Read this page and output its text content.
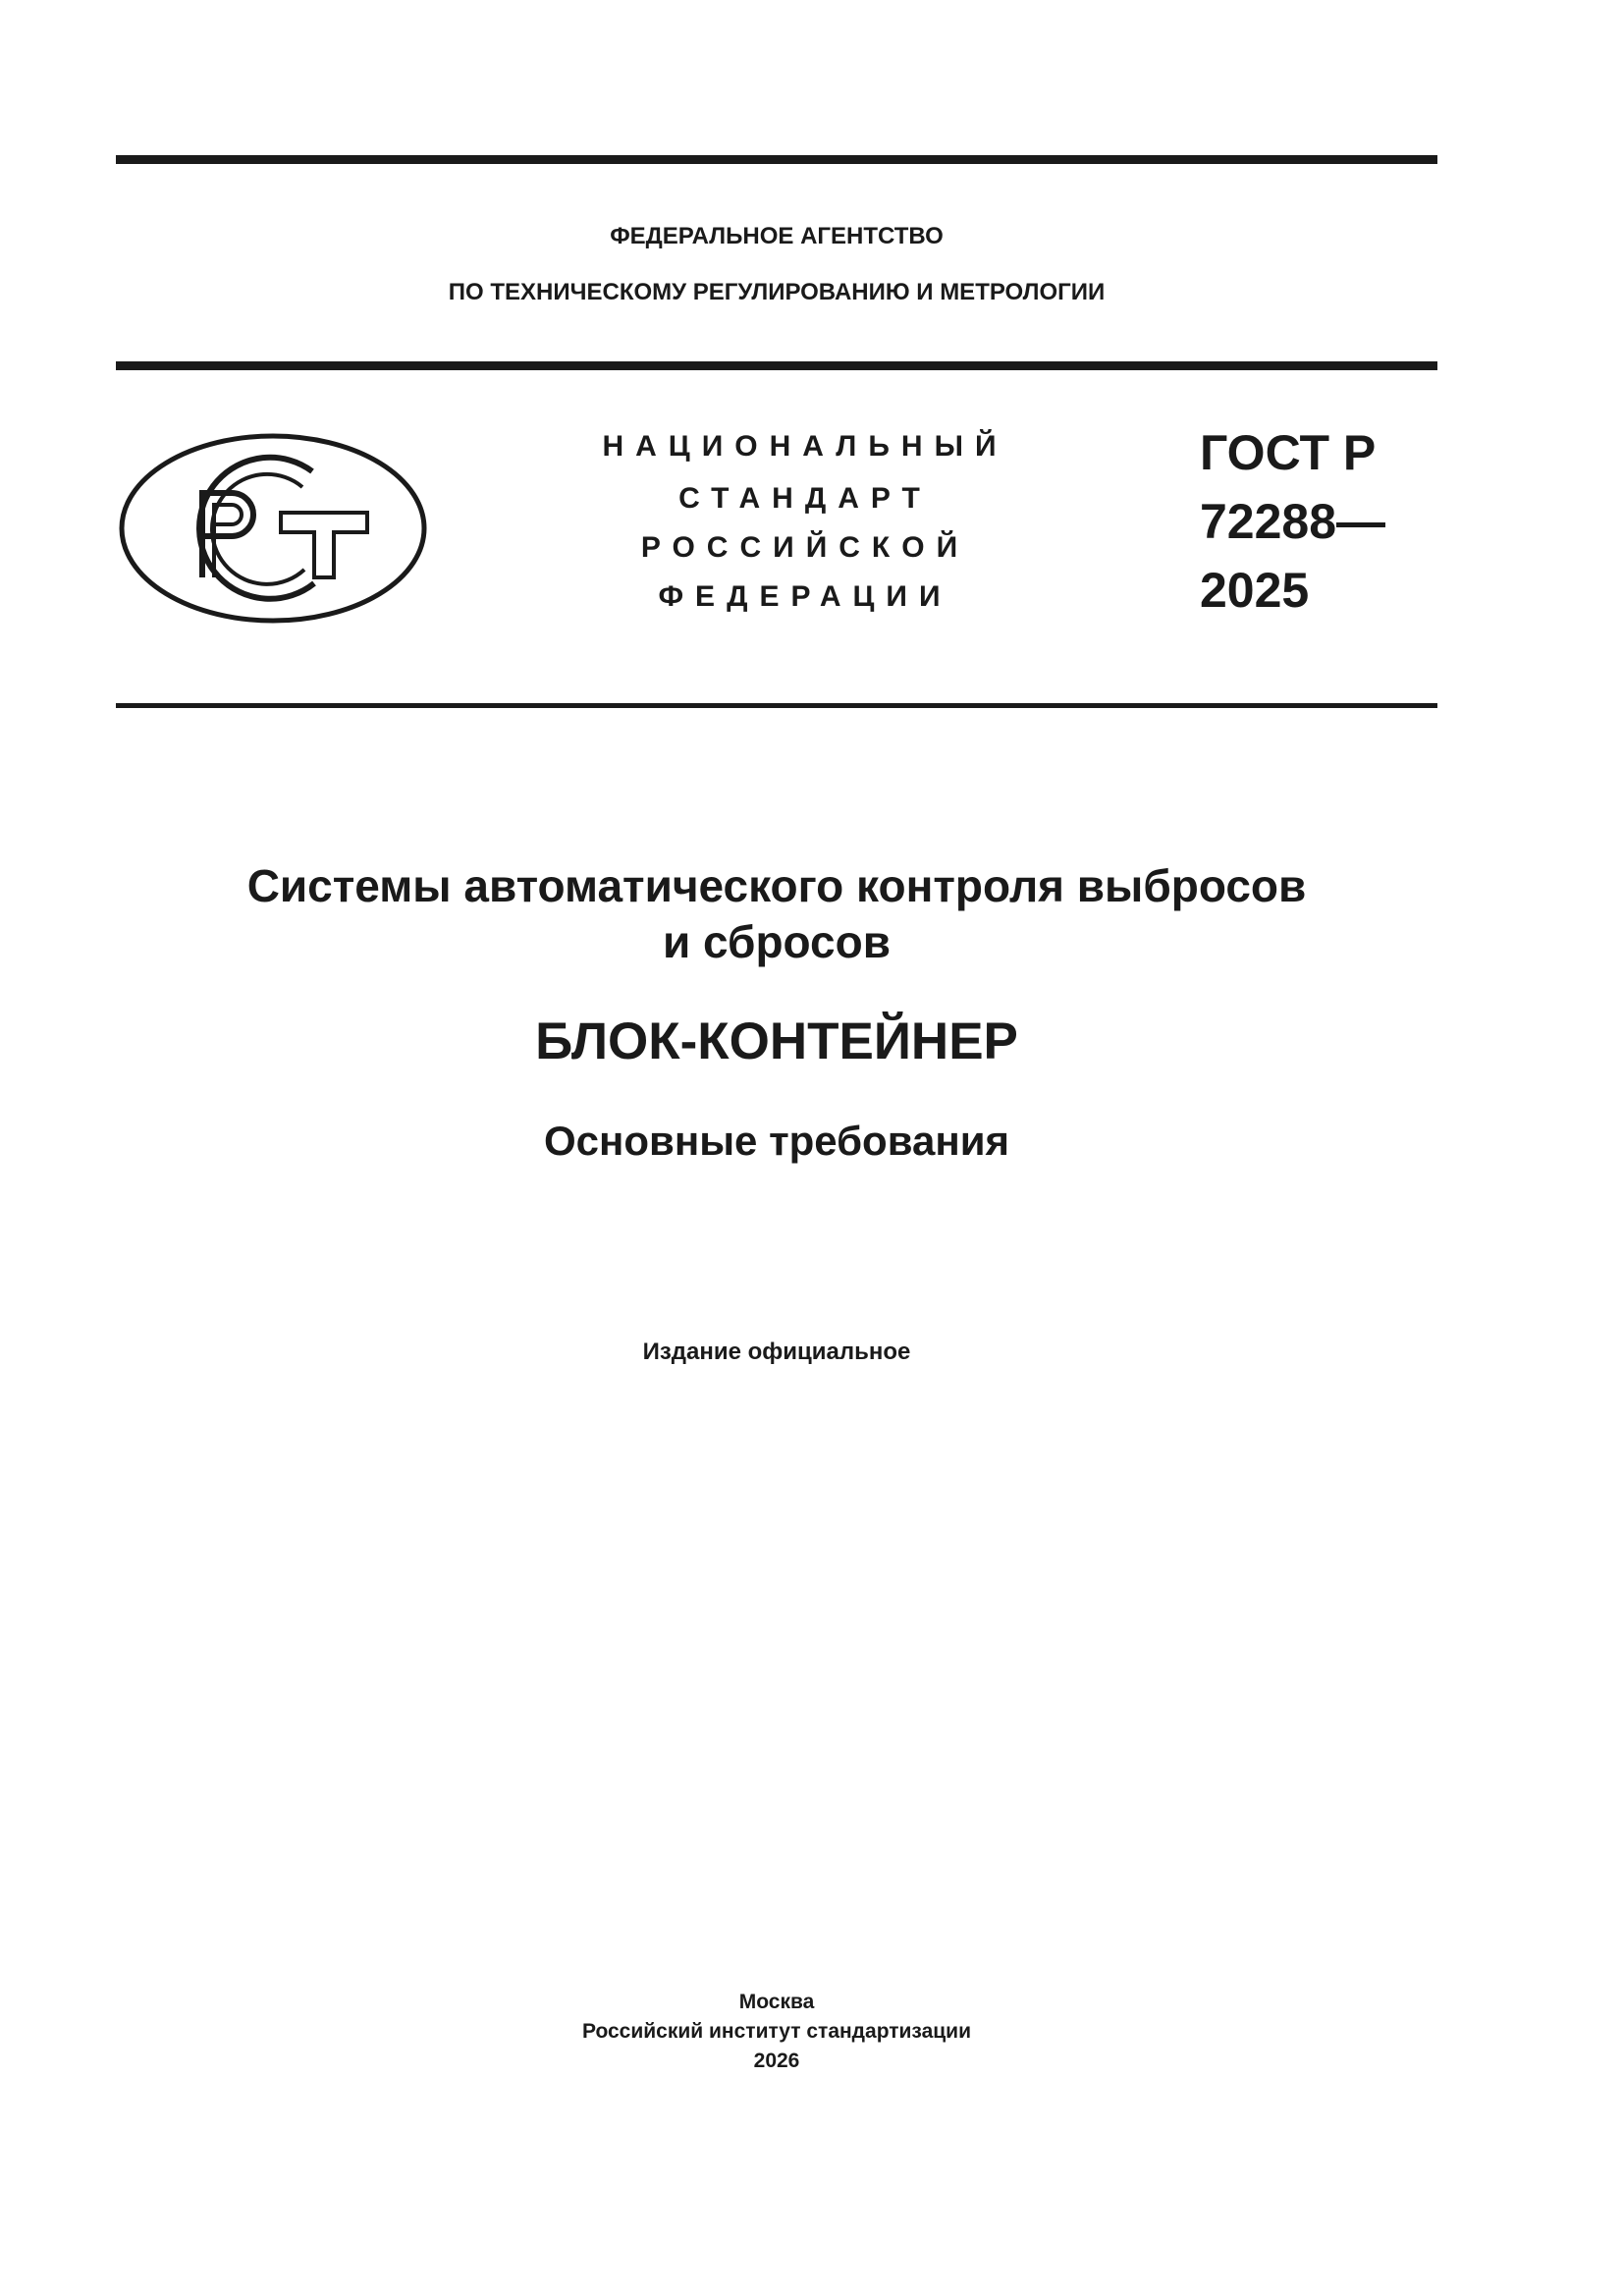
ФЕДЕРАЛЬНОЕ АГЕНТСТВО
ПО ТЕХНИЧЕСКОМУ РЕГУЛИРОВАНИЮ И МЕТРОЛОГИИ
НАЦИОНАЛЬНЫЙ
СТАНДАРТ
РОССИЙСКОЙ
ФЕДЕРАЦИИ
ГОСТ Р
72288—
2025
Системы автоматического контроля выбросов
и сбросов
БЛОК-КОНТЕЙНЕР
Основные требования
Издание официальное
Москва
Российский институт стандартизации
2026
